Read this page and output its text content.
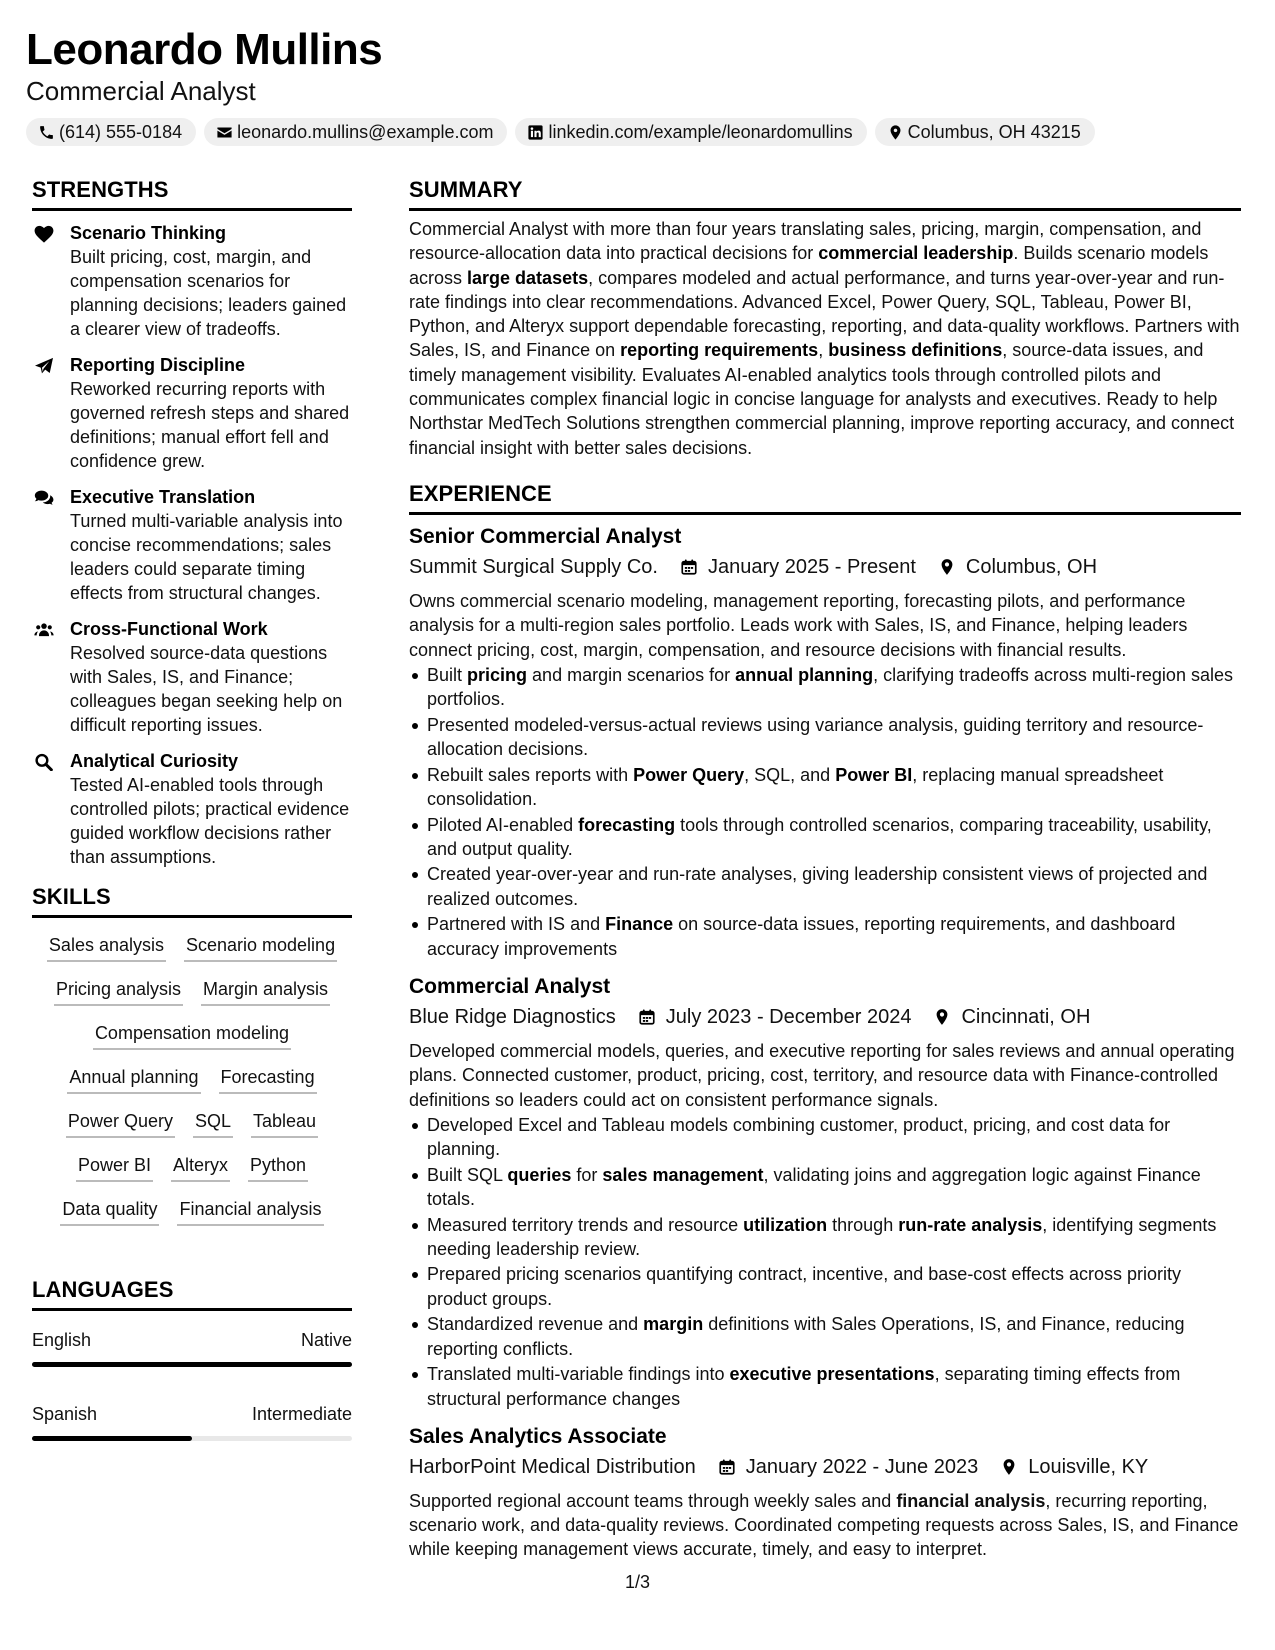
Leonardo Mullins
Commercial Analyst
(614) 555-0184	leonardo.mullins@example.com	linkedin.com/example/leonardomullins	Columbus, OH 43215
STRENGTHS
Scenario Thinking
Built pricing, cost, margin, and compensation scenarios for planning decisions; leaders gained a clearer view of tradeoffs.
Reporting Discipline
Reworked recurring reports with governed refresh steps and shared definitions; manual effort fell and confidence grew.
Executive Translation
Turned multi-variable analysis into concise recommendations; sales leaders could separate timing effects from structural changes.
Cross-Functional Work
Resolved source-data questions with Sales, IS, and Finance; colleagues began seeking help on difficult reporting issues.
Analytical Curiosity
Tested AI-enabled tools through controlled pilots; practical evidence guided workflow decisions rather than assumptions.
SKILLS
Sales analysis Scenario modeling
Pricing analysis Margin analysis
Compensation modeling
Annual planning Forecasting
Power Query SQL Tableau
Power BI Alteryx Python
Data quality Financial analysis
LANGUAGES
English	Native
Spanish	Intermediate
SUMMARY

Commercial Analyst with more than four years translating sales, pricing, margin, compensation, and resource-allocation data into practical decisions for commercial leadership. Builds scenario models across large datasets, compares modeled and actual performance, and turns year-over-year and run-rate findings into clear recommendations. Advanced Excel, Power Query, SQL, Tableau, Power BI, Python, and Alteryx support dependable forecasting, reporting, and data-quality workflows. Partners with Sales, IS, and Finance on reporting requirements, business definitions, source-data issues, and timely management visibility. Evaluates AI-enabled analytics tools through controlled pilots and communicates complex financial logic in concise language for analysts and executives. Ready to help Northstar MedTech Solutions strengthen commercial planning, improve reporting accuracy, and connect financial insight with better sales decisions.

EXPERIENCE
Senior Commercial Analyst
Summit Surgical Supply Co.	January 2025 - Present	Columbus, OH
Owns commercial scenario modeling, management reporting, forecasting pilots, and performance analysis for a multi-region sales portfolio. Leads work with Sales, IS, and Finance, helping leaders connect pricing, cost, margin, compensation, and resource decisions with financial results.
Built pricing and margin scenarios for annual planning, clarifying tradeoffs across multi-region sales portfolios.
Presented modeled-versus-actual reviews using variance analysis, guiding territory and resource-allocation decisions.
Rebuilt sales reports with Power Query, SQL, and Power BI, replacing manual spreadsheet consolidation.
Piloted AI-enabled forecasting tools through controlled scenarios, comparing traceability, usability, and output quality.
Created year-over-year and run-rate analyses, giving leadership consistent views of projected and realized outcomes.
Partnered with IS and Finance on source-data issues, reporting requirements, and dashboard accuracy improvements
Commercial Analyst
Blue Ridge Diagnostics	July 2023 - December 2024	Cincinnati, OH
Developed commercial models, queries, and executive reporting for sales reviews and annual operating plans. Connected customer, product, pricing, cost, territory, and resource data with Finance-controlled definitions so leaders could act on consistent performance signals.
Developed Excel and Tableau models combining customer, product, pricing, and cost data for planning.
Built SQL queries for sales management, validating joins and aggregation logic against Finance totals.
Measured territory trends and resource utilization through run-rate analysis, identifying segments needing leadership review.
Prepared pricing scenarios quantifying contract, incentive, and base-cost effects across priority product groups.
Standardized revenue and margin definitions with Sales Operations, IS, and Finance, reducing reporting conflicts.
Translated multi-variable findings into executive presentations, separating timing effects from structural performance changes
Sales Analytics Associate
HarborPoint Medical Distribution	January 2022 - June 2023	Louisville, KY
Supported regional account teams through weekly sales and financial analysis, recurring reporting, scenario work, and data-quality reviews. Coordinated competing requests across Sales, IS, and Finance while keeping management views accurate, timely, and easy to interpret.
1/3
